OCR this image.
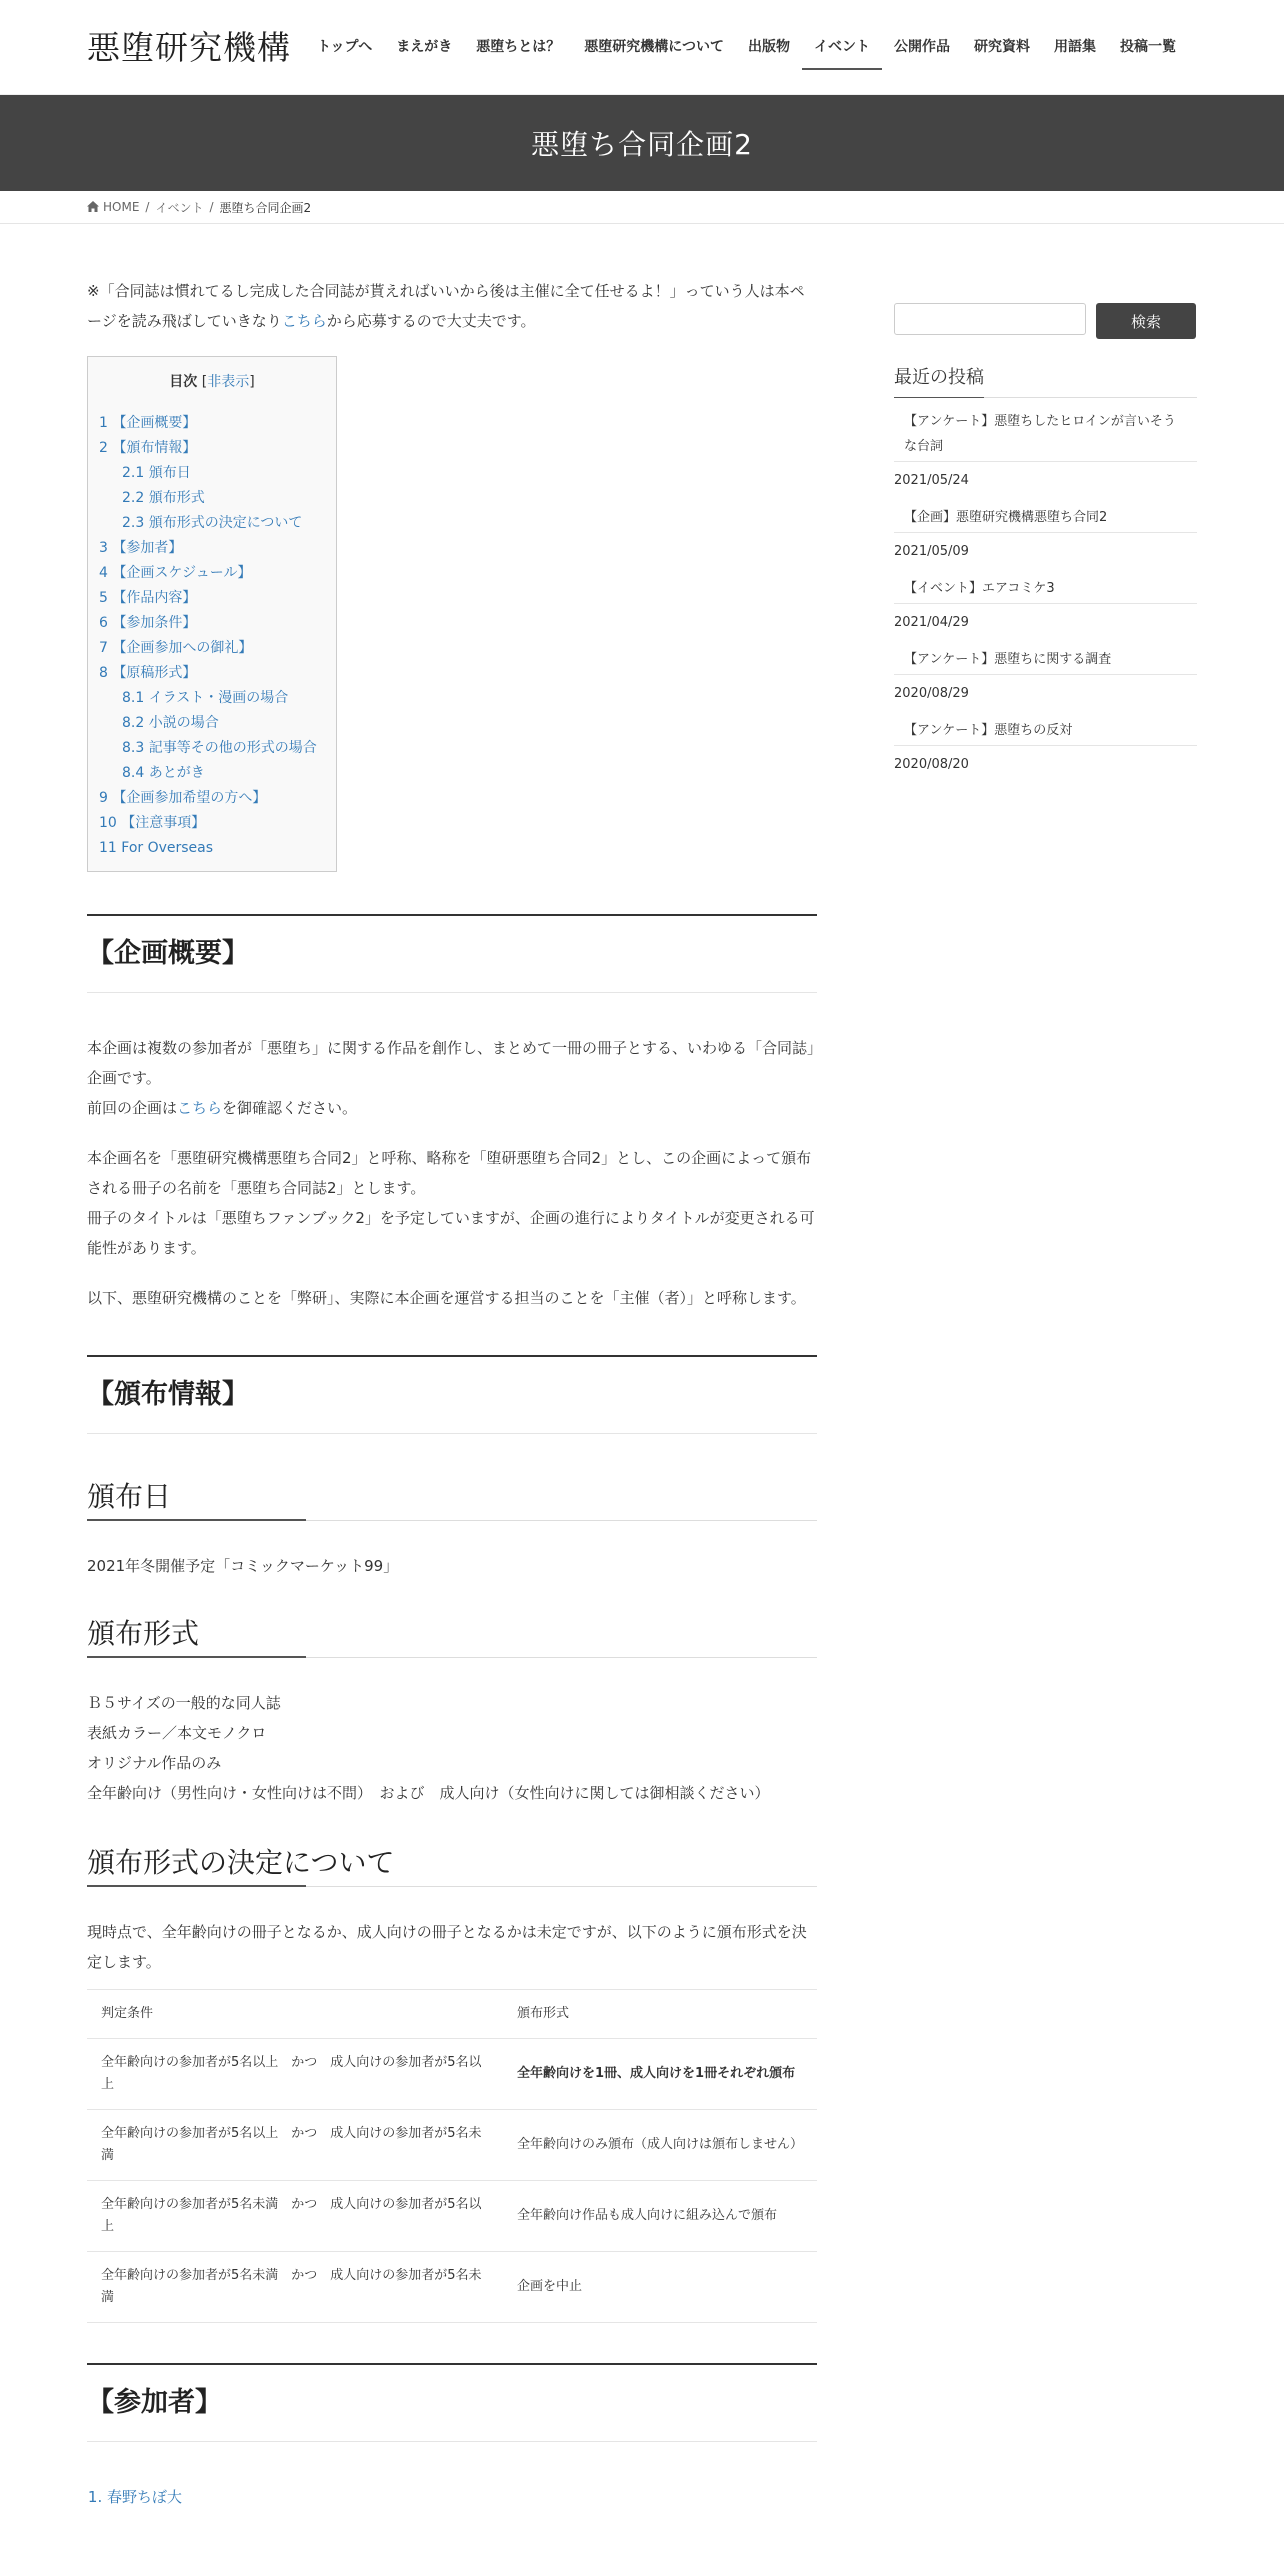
悪堕研究機構	トップへ	まえがき	悪堕ちとは？	悪堕研究機構について	出版物	イベント	公開作品	研究資料	用語集	投稿一覧
悪堕ち合同企画2
HOME / イベント / 悪堕ち合同企画2

※「合同誌は慣れてるし完成した合同誌が貰えればいいから後は主催に全て任せるよ！」っていう人は本ページを読み飛ばしていきなりこちらから応募するので大丈夫です。

目次 [非表示]
1 【企画概要】
2 【頒布情報】
2.1 頒布日
2.2 頒布形式
2.3 頒布形式の決定について
3 【参加者】
4 【企画スケジュール】
5 【作品内容】
6 【参加条件】
7 【企画参加への御礼】
8 【原稿形式】
8.1 イラスト・漫画の場合
8.2 小説の場合
8.3 記事等その他の形式の場合
8.4 あとがき
9 【企画参加希望の方へ】
10 【注意事項】
11 For Overseas
【企画概要】

本企画は複数の参加者が「悪堕ち」に関する作品を創作し、まとめて一冊の冊子とする、いわゆる「合同誌」企画です。
前回の企画はこちらを御確認ください。

本企画名を「悪堕研究機構悪堕ち合同2」と呼称、略称を「堕研悪堕ち合同2」とし、この企画によって頒布される冊子の名前を「悪堕ち合同誌2」とします。
冊子のタイトルは「悪堕ちファンブック2」を予定していますが、企画の進行によりタイトルが変更される可能性があります。

以下、悪堕研究機構のことを「弊研」、実際に本企画を運営する担当のことを「主催（者）」と呼称します。

【頒布情報】
頒布日

2021年冬開催予定「コミックマーケット99」

頒布形式
Ｂ５サイズの一般的な同人誌
表紙カラー／本文モノクロ
オリジナル作品のみ
全年齢向け（男性向け・女性向けは不問）　および　成人向け（女性向けに関しては御相談ください）
頒布形式の決定について

現時点で、全年齢向けの冊子となるか、成人向けの冊子となるかは未定ですが、以下のように頒布形式を決定します。

判定条件	頒布形式
全年齢向けの参加者が5名以上　かつ　成人向けの参加者が5名以上	全年齢向けを1冊、成人向けを1冊それぞれ頒布
全年齢向けの参加者が5名以上　かつ　成人向けの参加者が5名未満	全年齢向けのみ頒布（成人向けは頒布しません）
全年齢向けの参加者が5名未満　かつ　成人向けの参加者が5名以上	全年齢向け作品も成人向けに組み込んで頒布
全年齢向けの参加者が5名未満　かつ　成人向けの参加者が5名未満	企画を中止
【参加者】
1. 春野ちぼ大
検索
最近の投稿
【アンケート】悪堕ちしたヒロインが言いそうな台詞
2021/05/24
【企画】悪堕研究機構悪堕ち合同2
2021/05/09
【イベント】エアコミケ3
2021/04/29
【アンケート】悪堕ちに関する調査
2020/08/29
【アンケート】悪堕ちの反対
2020/08/20
